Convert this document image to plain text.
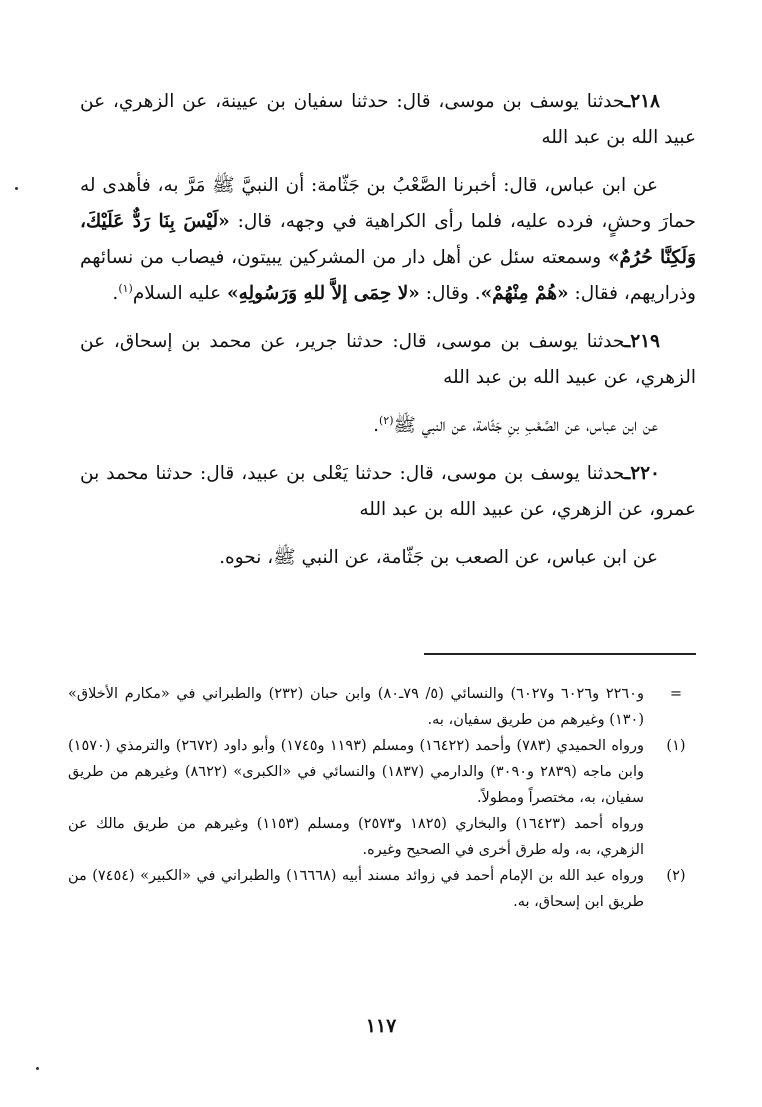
٢١٨ـحدثنا يوسف بن موسى، قال: حدثنا سفيان بن عيينة، عن الزهري، عن عبيد الله بن عبد الله

عن ابن عباس، قال: أخبرنا الصَّعْبُ بن جَثّامة: أن النبيَّ ﷺ مَرَّ به، فأهدى له حمارَ وحشٍ، فرده عليه، فلما رأى الكراهية في وجهه، قال: «لَيْسَ بِنَا رَدٌّ عَلَيْكَ، وَلَكِنَّا حُرُمٌ» وسمعته سئل عن أهل دار من المشركين يبيتون، فيصاب من نسائهم وذراريهم، فقال: «هُمْ مِنْهُمْ». وقال: «لا حِمَى إلاَّ للهِ وَرَسُولِهِ» عليه السلام$^{(١)}$.

٢١٩ـحدثنا يوسف بن موسى، قال: حدثنا جرير، عن محمد بن إسحاق، عن الزهري، عن عبيد الله بن عبد الله

عن ابن عباس، عن الصَّعْبِ بنِ جَثّامة، عن النبي ﷺ$^{(٢)}$.

٢٢٠ـحدثنا يوسف بن موسى، قال: حدثنا يَعْلى بن عبيد، قال: حدثنا محمد بن عمرو، عن الزهري، عن عبيد الله بن عبد الله

عن ابن عباس، عن الصعب بن جَثّامة، عن النبي ﷺ، نحوه.

=

و٢٢٦٠ و٦٠٢٦ و٦٠٢٧) والنسائي (٥/ ٧٩ـ٨٠) وابن حبان (٢٣٢) والطبراني في «مكارم الأخلاق» (١٣٠) وغيرهم من طريق سفيان، به.

(١)

ورواه الحميدي (٧٨٣) وأحمد (١٦٤٢٢) ومسلم (١١٩٣ و١٧٤٥) وأبو داود (٢٦٧٢) والترمذي (١٥٧٠) وابن ماجه (٢٨٣٩ و٣٠٩٠) والدارمي (١٨٣٧) والنسائي في «الكبرى» (٨٦٢٢) وغيرهم من طريق سفيان، به، مختصراً ومطولاً.

ورواه أحمد (١٦٤٢٣) والبخاري (١٨٢٥ و٢٥٧٣) ومسلم (١١٥٣) وغيرهم من طريق مالك عن الزهري، به، وله طرق أخرى في الصحيح وغيره.

(٢)

ورواه عبد الله بن الإمام أحمد في زوائد مسند أبيه (١٦٦٦٨) والطبراني في «الكبير» (٧٤٥٤) من طريق ابن إسحاق، به.

١١٧
